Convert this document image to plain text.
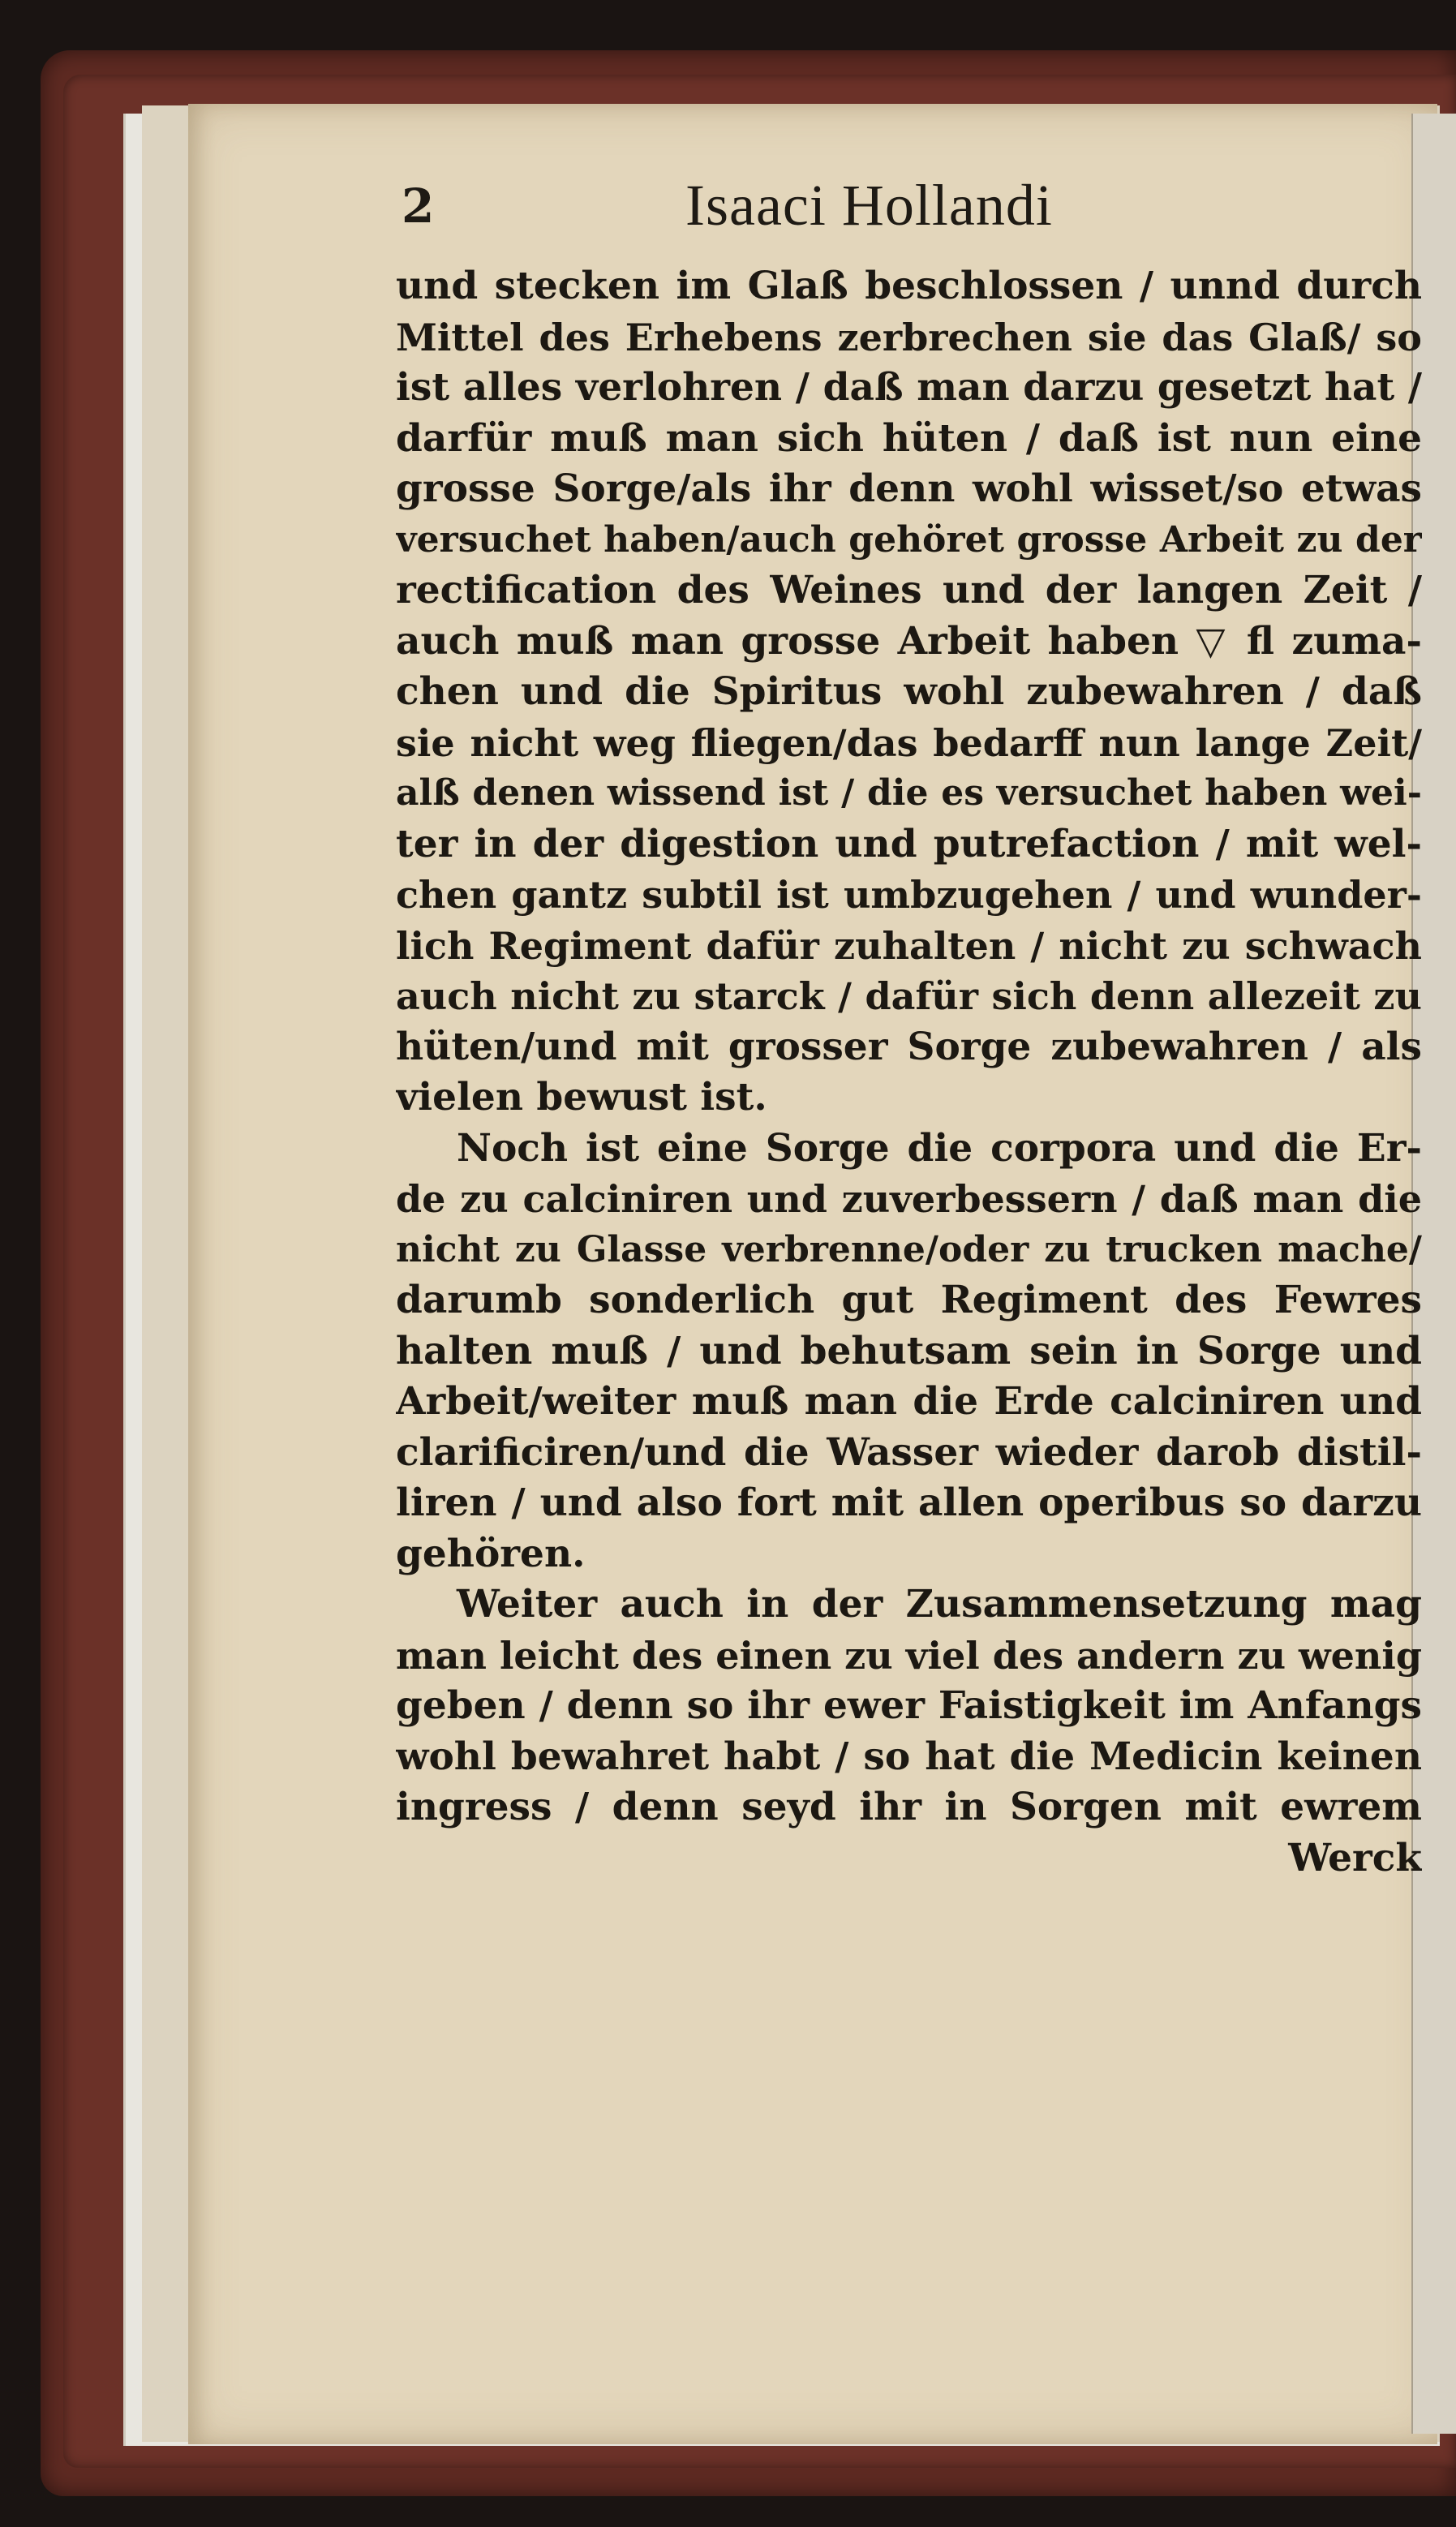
2	Isaaci Hollandi
und stecken im Glaß beschlossen / unnd durch
Mittel des Erhebens zerbrechen sie das Glaß/ so
ist alles verlohren / daß man darzu gesetzt hat /
darfür muß man sich hüten / daß ist nun eine
grosse Sorge/als ihr denn wohl wisset/so etwas
versuchet haben/auch gehöret grosse Arbeit zu der
rectification des Weines und der langen Zeit /
auch muß man grosse Arbeit haben ▽ fl zuma-
chen und die Spiritus wohl zubewahren / daß
sie nicht weg fliegen/das bedarff nun lange Zeit/
alß denen wissend ist / die es versuchet haben wei-
ter in der digestion und putrefaction / mit wel-
chen gantz subtil ist umbzugehen / und wunder-
lich Regiment dafür zuhalten / nicht zu schwach
auch nicht zu starck / dafür sich denn allezeit zu
hüten/und mit grosser Sorge zubewahren / als
vielen bewust ist.
Noch ist eine Sorge die corpora und die Er-
de zu calciniren und zuverbessern / daß man die
nicht zu Glasse verbrenne/oder zu trucken mache/
darumb sonderlich gut Regiment des Fewres
halten muß / und behutsam sein in Sorge und
Arbeit/weiter muß man die Erde calciniren und
clarificiren/und die Wasser wieder darob distil-
liren / und also fort mit allen operibus so darzu
gehören.
Weiter auch in der Zusammensetzung mag
man leicht des einen zu viel des andern zu wenig
geben / denn so ihr ewer Faistigkeit im Anfangs
wohl bewahret habt / so hat die Medicin keinen
ingress / denn seyd ihr in Sorgen mit ewrem
Werck
